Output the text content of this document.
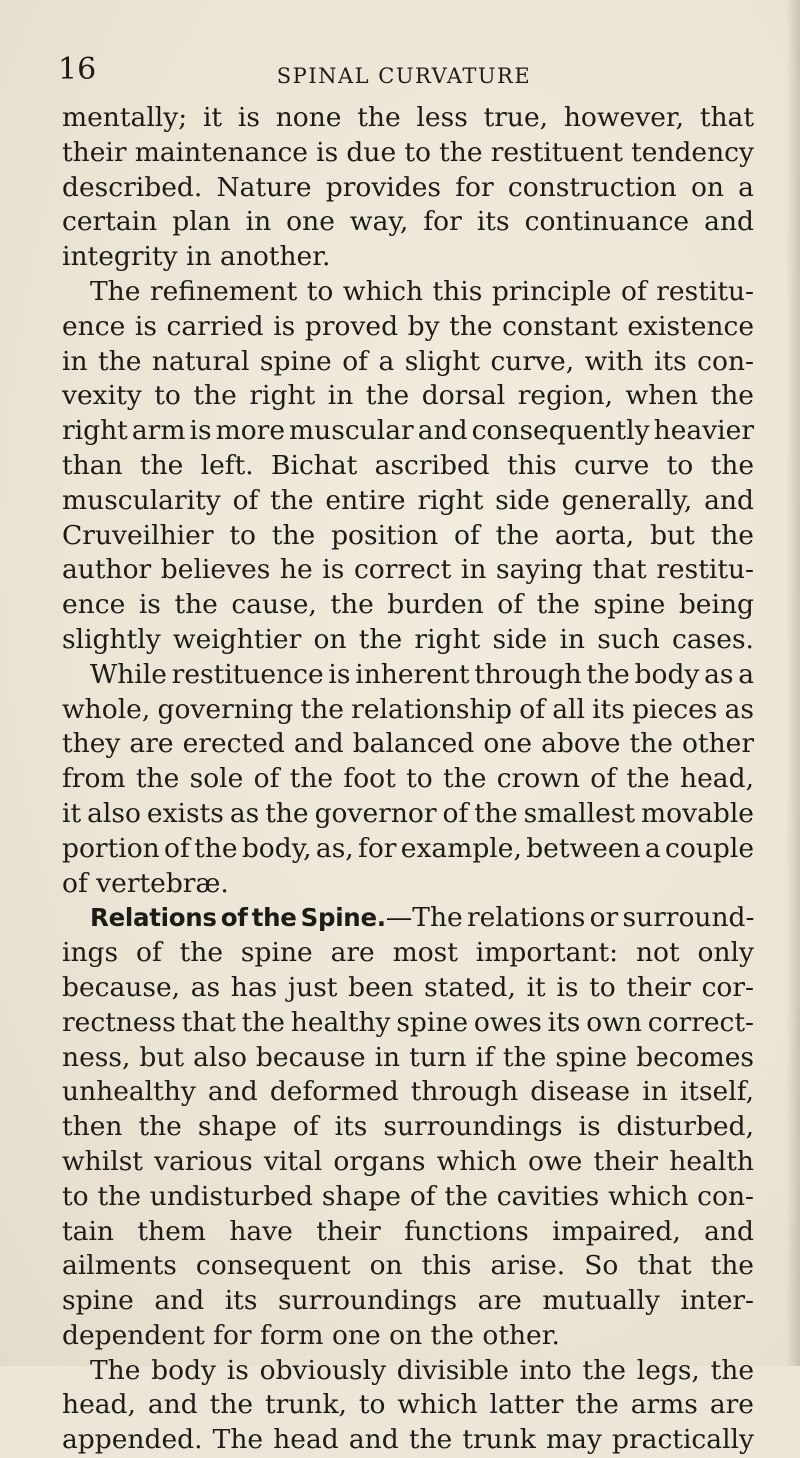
16	SPINAL CURVATURE
mentally; it is none the less true, however, that
their maintenance is due to the restituent tendency
described. Nature provides for construction on a
certain plan in one way, for its continuance and
integrity in another.
The refinement to which this principle of restitu-
ence is carried is proved by the constant existence
in the natural spine of a slight curve, with its con-
vexity to the right in the dorsal region, when the
right arm is more muscular and consequently heavier
than the left. Bichat ascribed this curve to the
muscularity of the entire right side generally, and
Cruveilhier to the position of the aorta, but the
author believes he is correct in saying that restitu-
ence is the cause, the burden of the spine being
slightly weightier on the right side in such cases.
While restituence is inherent through the body as a
whole, governing the relationship of all its pieces as
they are erected and balanced one above the other
from the sole of the foot to the crown of the head,
it also exists as the governor of the smallest movable
portion of the body, as, for example, between a couple
of vertebræ.
Relations of the Spine.—The relations or surround-
ings of the spine are most important: not only
because, as has just been stated, it is to their cor-
rectness that the healthy spine owes its own correct-
ness, but also because in turn if the spine becomes
unhealthy and deformed through disease in itself,
then the shape of its surroundings is disturbed,
whilst various vital organs which owe their health
to the undisturbed shape of the cavities which con-
tain them have their functions impaired, and
ailments consequent on this arise. So that the
spine and its surroundings are mutually inter-
dependent for form one on the other.
The body is obviously divisible into the legs, the
head, and the trunk, to which latter the arms are
appended. The head and the trunk may practically
